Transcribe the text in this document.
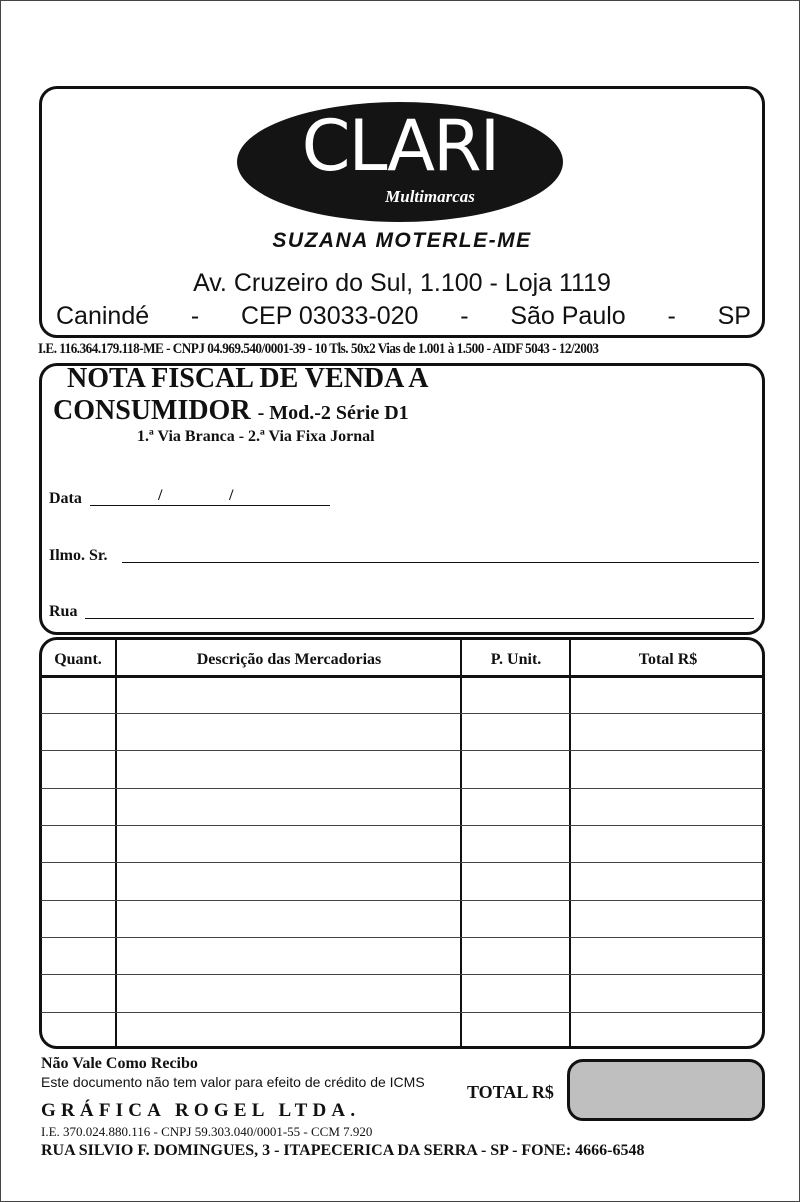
CLARI
Multimarcas
SUZANA MOTERLE-ME
Av. Cruzeiro do Sul, 1.100 - Loja 1119
Canindé - CEP 03033-020 - São Paulo - SP
I.E. 116.364.179.118-ME - CNPJ 04.969.540/0001-39 - 10 Tls. 50x2 Vias de 1.001 à 1.500 - AIDF 5043 - 12/2003
NOTA FISCAL DE VENDA A
CONSUMIDOR - Mod.-2 Série D1
1.ª Via Branca - 2.ª Via Fixa Jornal
Data	/	/
Ilmo. Sr.
Rua
Quant.	Descrição das Mercadorias	P. Unit.	Total R$
Não Vale Como Recibo
Este documento não tem valor para efeito de crédito de ICMS TOTAL R$
GRÁFICA ROGEL LTDA.
I.E. 370.024.880.116 - CNPJ 59.303.040/0001-55 - CCM 7.920
RUA SILVIO F. DOMINGUES, 3 - ITAPECERICA DA SERRA - SP - FONE: 4666-6548
